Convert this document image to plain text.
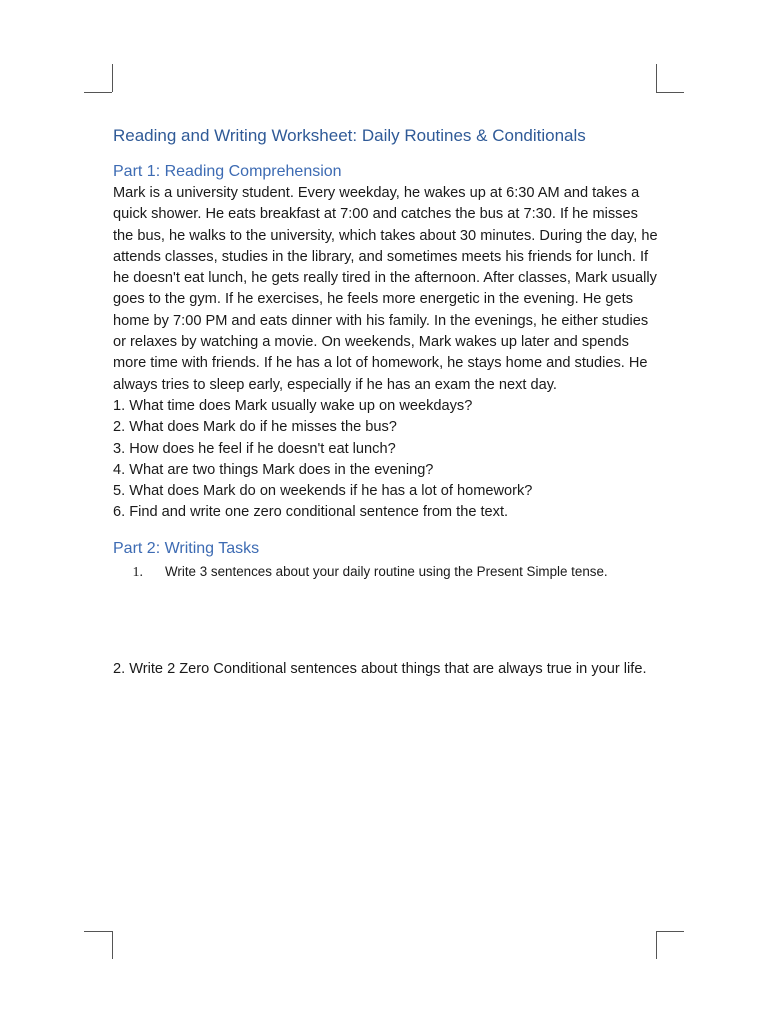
Reading and Writing Worksheet: Daily Routines & Conditionals
Part 1: Reading Comprehension

Mark is a university student. Every weekday, he wakes up at 6:30 AM and takes a quick shower. He eats breakfast at 7:00 and catches the bus at 7:30. If he misses the bus, he walks to the university, which takes about 30 minutes. During the day, he attends classes, studies in the library, and sometimes meets his friends for lunch. If he doesn't eat lunch, he gets really tired in the afternoon. After classes, Mark usually goes to the gym. If he exercises, he feels more energetic in the evening. He gets home by 7:00 PM and eats dinner with his family. In the evenings, he either studies or relaxes by watching a movie. On weekends, Mark wakes up later and spends more time with friends. If he has a lot of homework, he stays home and studies. He always tries to sleep early, especially if he has an exam the next day.

1. What time does Mark usually wake up on weekdays?
2. What does Mark do if he misses the bus?
3. How does he feel if he doesn't eat lunch?
4. What are two things Mark does in the evening?
5. What does Mark do on weekends if he has a lot of homework?
6. Find and write one zero conditional sentence from the text.
Part 2: Writing Tasks
1.	Write 3 sentences about your daily routine using the Present Simple tense.

2. Write 2 Zero Conditional sentences about things that are always true in your life.
